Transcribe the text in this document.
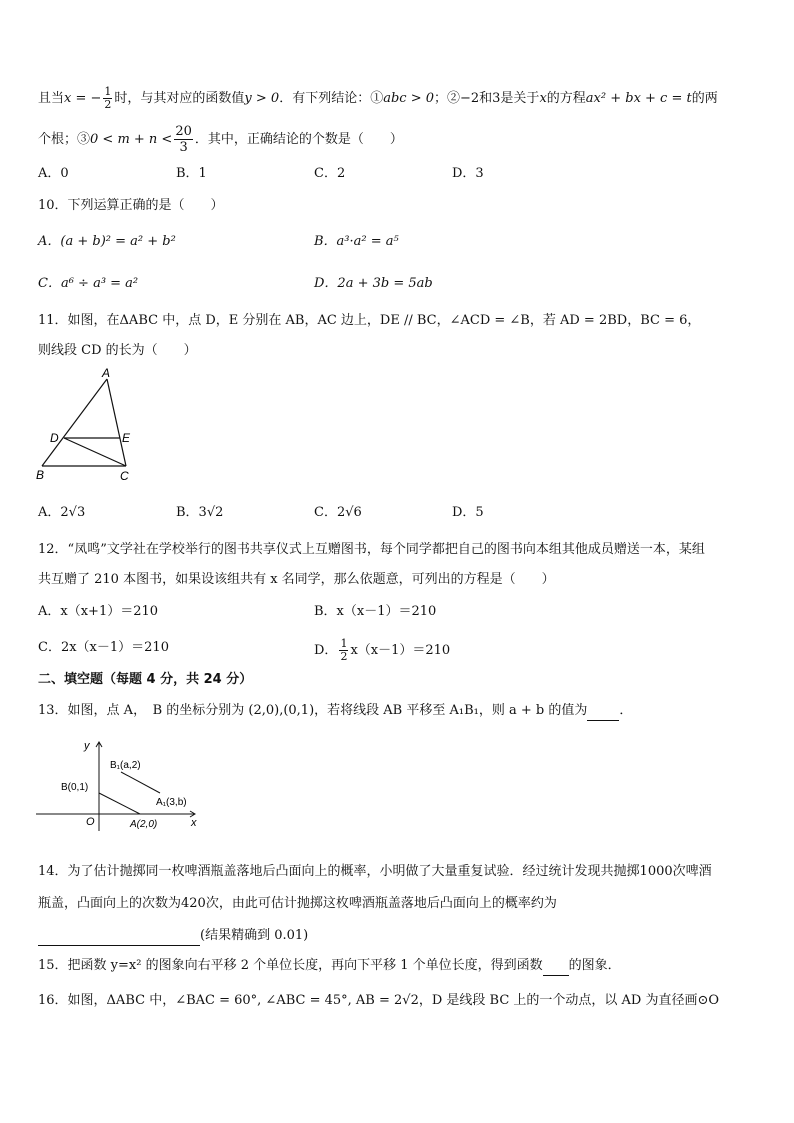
且当x = − $\frac{1}{2}$ 时，与其对应的函数值y > 0．有下列结论：①abc > 0；②−2和3是关于x的方程ax² + bx + c = t的两
个根；③0 < $m + n < \frac{20}{3}$ ．其中，正确结论的个数是（　　）
A．0	B．1	C．2	D．3
10．下列运算正确的是（　　）
A．(a + b)² = a² + b²	B．a³·a² = a⁵
C．a⁶ ÷ a³ = a²	D．2a + 3b = 5ab
11．如图，在ΔABC 中，点 D，E 分别在 AB，AC 边上，DE // BC，∠ACD = ∠B，若 AD = 2BD，BC = 6，
则线段 CD 的长为（　　）
A
B	C
D	E
A．2√3	B．3√2	C．2√6	D．5
12．“凤鸣”文学社在学校举行的图书共享仪式上互赠图书，每个同学都把自己的图书向本组其他成员赠送一本，某组
共互赠了 210 本图书，如果设该组共有 x 名同学，那么依题意，可列出的方程是（　　）
A．x（x+1）＝210	B．x（x－1）＝210
C．2x（x－1）＝210	D． $\frac{1}{2} x(x-1)=210$
二、填空题（每题 4 分，共 24 分）
13．如图，点 A，　B 的坐标分别为 (2,0),(0,1)，若将线段 AB 平移至 A₁B₁，则 a + b 的值为 ．
y
x
O
B(0,1)
A(2,0)
B₁(a,2)
A₁(3,b)
14．为了估计抛掷同一枚啤酒瓶盖落地后凸面向上的概率，小明做了大量重复试验．经过统计发现共抛掷1000次啤酒
瓶盖，凸面向上的次数为420次，由此可估计抛掷这枚啤酒瓶盖落地后凸面向上的概率约为
(结果精确到 0.01)
15．把函数 y=x² 的图象向右平移 2 个单位长度，再向下平移 1 个单位长度，得到函数 的图象．
16．如图，ΔABC 中，∠BAC = 60°, ∠ABC = 45°, AB = 2√2，D 是线段 BC 上的一个动点，以 AD 为直径画⊙O
